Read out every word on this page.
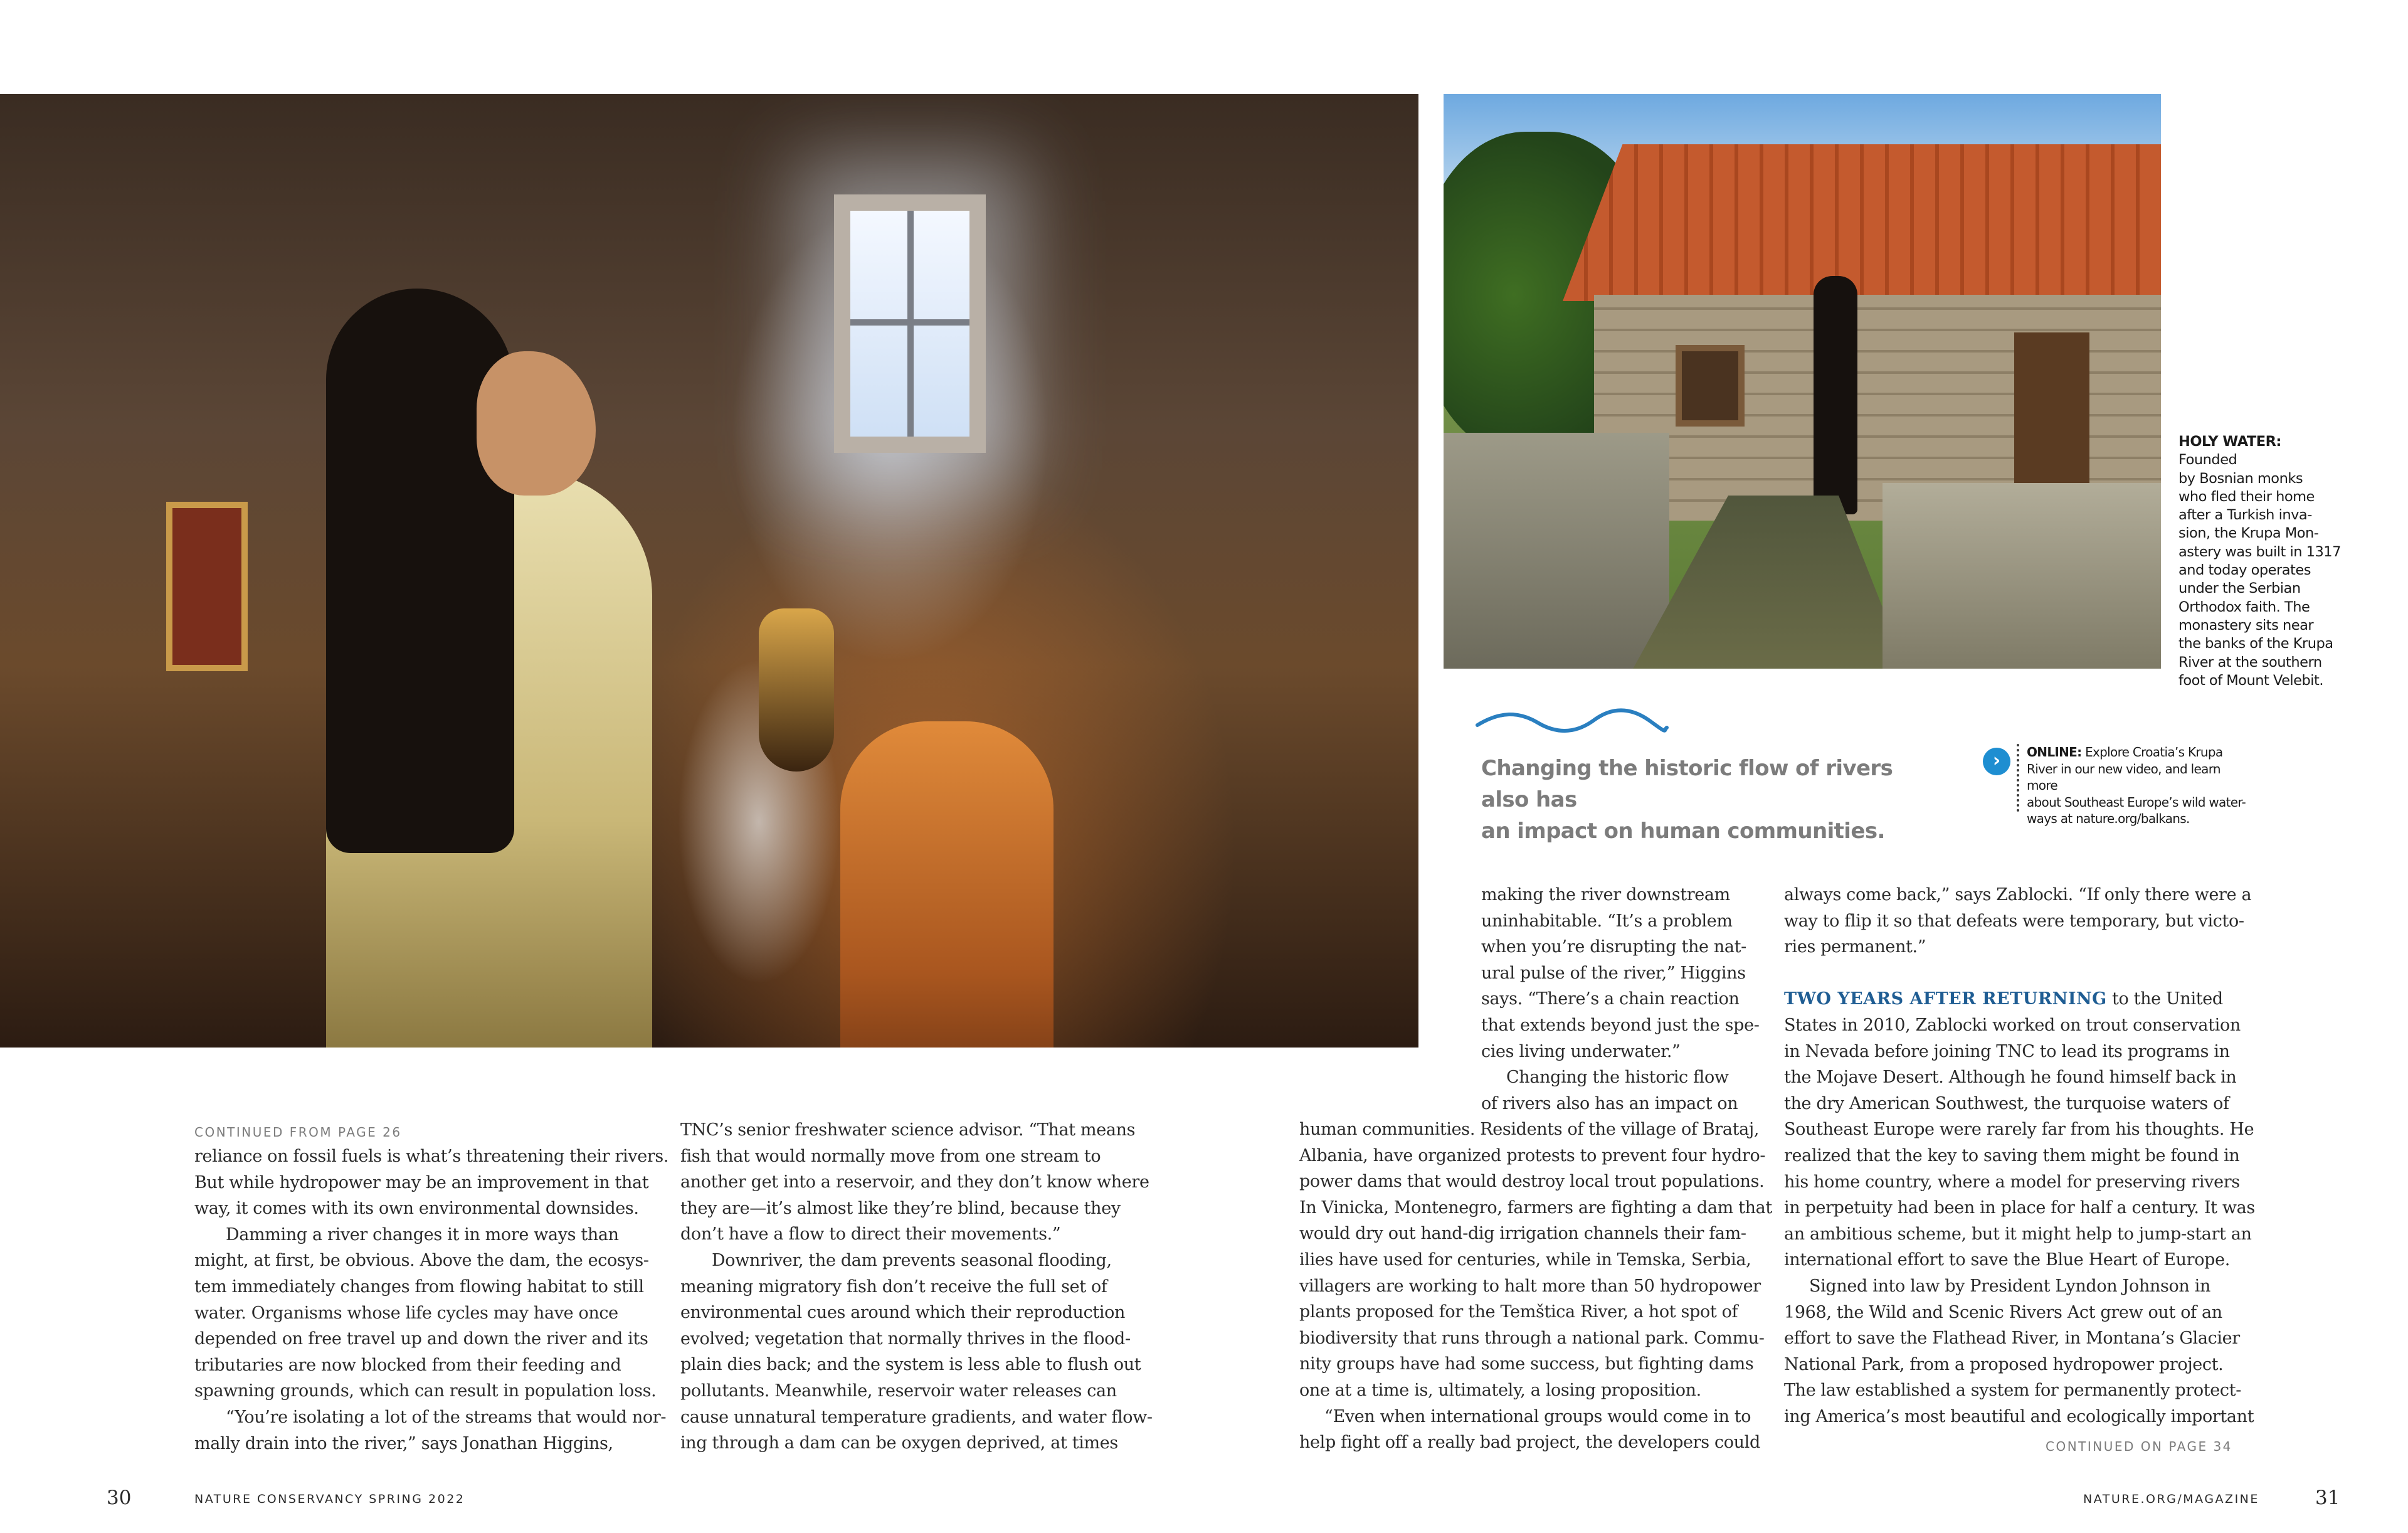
HOLY WATER: Founded
by Bosnian monks
who fled their home
after a Turkish inva-
sion, the Krupa Mon-
astery was built in 1317
and today operates
under the Serbian
Orthodox faith. The
monastery sits near
the banks of the Krupa
River at the southern
foot of Mount Velebit.
Changing the historic flow of rivers also has
an impact on human communities.
›	ONLINE: Explore Croatia’s Krupa
River in our new video, and learn more
about Southeast Europe’s wild water-
ways at nature.org/balkans.
CONTINUED FROM PAGE 26
reliance on fossil fuels is what’s threatening their rivers.
But while hydropower may be an improvement in that
way, it comes with its own environmental downsides.
Damming a river changes it in more ways than
might, at first, be obvious. Above the dam, the ecosys-
tem immediately changes from flowing habitat to still
water. Organisms whose life cycles may have once
depended on free travel up and down the river and its
tributaries are now blocked from their feeding and
spawning grounds, which can result in population loss.
“You’re isolating a lot of the streams that would nor-
mally drain into the river,” says Jonathan Higgins,
TNC’s senior freshwater science advisor. “That means
fish that would normally move from one stream to
another get into a reservoir, and they don’t know where
they are—it’s almost like they’re blind, because they
don’t have a flow to direct their movements.”
Downriver, the dam prevents seasonal flooding,
meaning migratory fish don’t receive the full set of
environmental cues around which their reproduction
evolved; vegetation that normally thrives in the flood-
plain dies back; and the system is less able to flush out
pollutants. Meanwhile, reservoir water releases can
cause unnatural temperature gradients, and water flow-
ing through a dam can be oxygen deprived, at times
making the river downstream
uninhabitable. “It’s a problem
when you’re disrupting the nat-
ural pulse of the river,” Higgins
says. “There’s a chain reaction
that extends beyond just the spe-
cies living underwater.”
Changing the historic flow
of rivers also has an impact on
human communities. Residents of the village of Brataj,
Albania, have organized protests to prevent four hydro-
power dams that would destroy local trout populations.
In Vinicka, Montenegro, farmers are fighting a dam that
would dry out hand-dig irrigation channels their fam-
ilies have used for centuries, while in Temska, Serbia,
villagers are working to halt more than 50 hydropower
plants proposed for the Temštica River, a hot spot of
biodiversity that runs through a national park. Commu-
nity groups have had some success, but fighting dams
one at a time is, ultimately, a losing proposition.
“Even when international groups would come in to
help fight off a really bad project, the developers could
always come back,” says Zablocki. “If only there were a
way to flip it so that defeats were temporary, but victo-
ries permanent.”
TWO YEARS AFTER RETURNING to the United
States in 2010, Zablocki worked on trout conservation
in Nevada before joining TNC to lead its programs in
the Mojave Desert. Although he found himself back in
the dry American Southwest, the turquoise waters of
Southeast Europe were rarely far from his thoughts. He
realized that the key to saving them might be found in
his home country, where a model for preserving rivers
in perpetuity had been in place for half a century. It was
an ambitious scheme, but it might help to jump-start an
international effort to save the Blue Heart of Europe.
Signed into law by President Lyndon Johnson in
1968, the Wild and Scenic Rivers Act grew out of an
effort to save the Flathead River, in Montana’s Glacier
National Park, from a proposed hydropower project.
The law established a system for permanently protect-
ing America’s most beautiful and ecologically important
CONTINUED ON PAGE 34
30	NATURE CONSERVANCY SPRING 2022	NATURE.ORG/MAGAZINE	31
